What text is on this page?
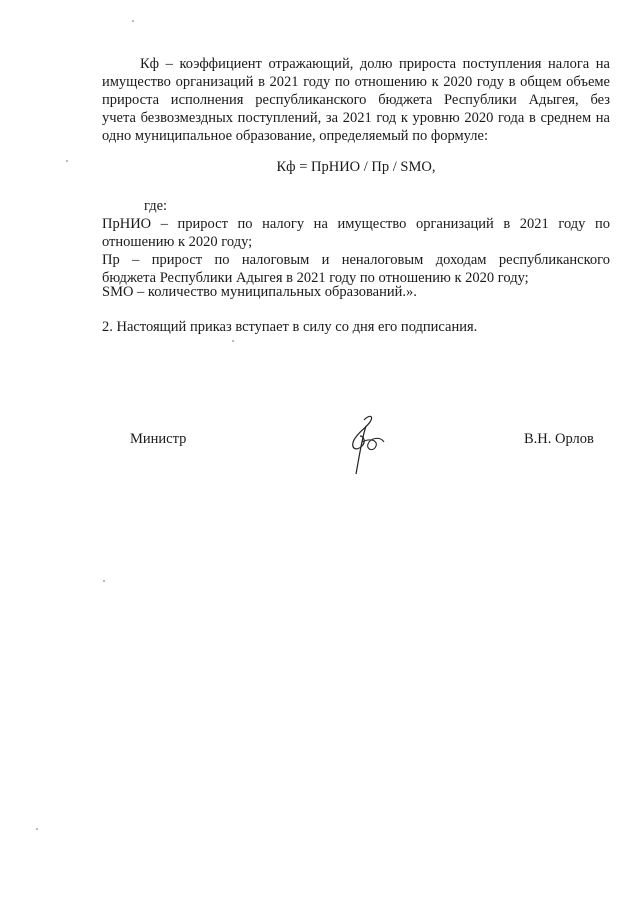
Кф – коэффициент отражающий, долю прироста поступления налога на
имущество организаций в 2021 году по отношению к 2020 году в общем объеме
прироста исполнения республиканского бюджета Республики Адыгея, без
учета безвозмездных поступлений, за 2021 год к уровню 2020 года в среднем на
одно муниципальное образование, определяемый по формуле:
Кф = ПрНИО / Пр / SMO,
где:
ПрНИО – прирост по налогу на имущество организаций в 2021 году по
отношению к 2020 году;
Пр – прирост по налоговым и неналоговым доходам республиканского
бюджета Республики Адыгея в 2021 году по отношению к 2020 году;
SMO – количество муниципальных образований.».
2. Настоящий приказ вступает в силу со дня его подписания.
Министр	В.Н. Орлов
